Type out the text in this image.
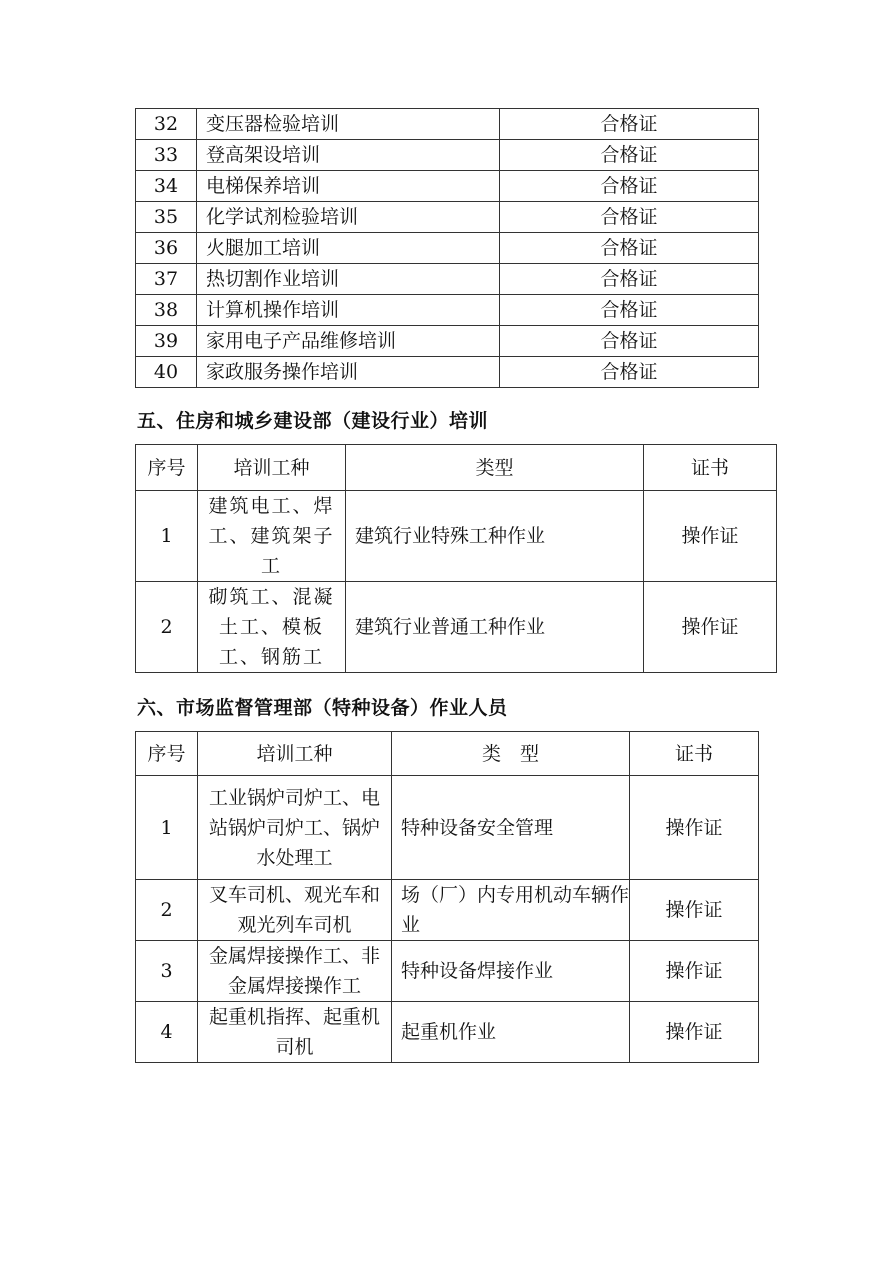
32	变压器检验培训	合格证
33	登高架设培训	合格证
34	电梯保养培训	合格证
35	化学试剂检验培训	合格证
36	火腿加工培训	合格证
37	热切割作业培训	合格证
38	计算机操作培训	合格证
39	家用电子产品维修培训	合格证
40	家政服务操作培训	合格证
五、住房和城乡建设部（建设行业）培训
序号	培训工种	类型	证书
1	建筑电工、焊工、建筑架子工	建筑行业特殊工种作业	操作证
2	砌筑工、混凝土工、模板工、钢筋工	建筑行业普通工种作业	操作证
六、市场监督管理部（特种设备）作业人员
序号	培训工种	类　型	证书
1	工业锅炉司炉工、电站锅炉司炉工、锅炉水处理工	特种设备安全管理	操作证
2	叉车司机、观光车和观光列车司机	场（厂）内专用机动车辆作业	操作证
3	金属焊接操作工、非金属焊接操作工	特种设备焊接作业	操作证
4	起重机指挥、起重机司机	起重机作业	操作证
